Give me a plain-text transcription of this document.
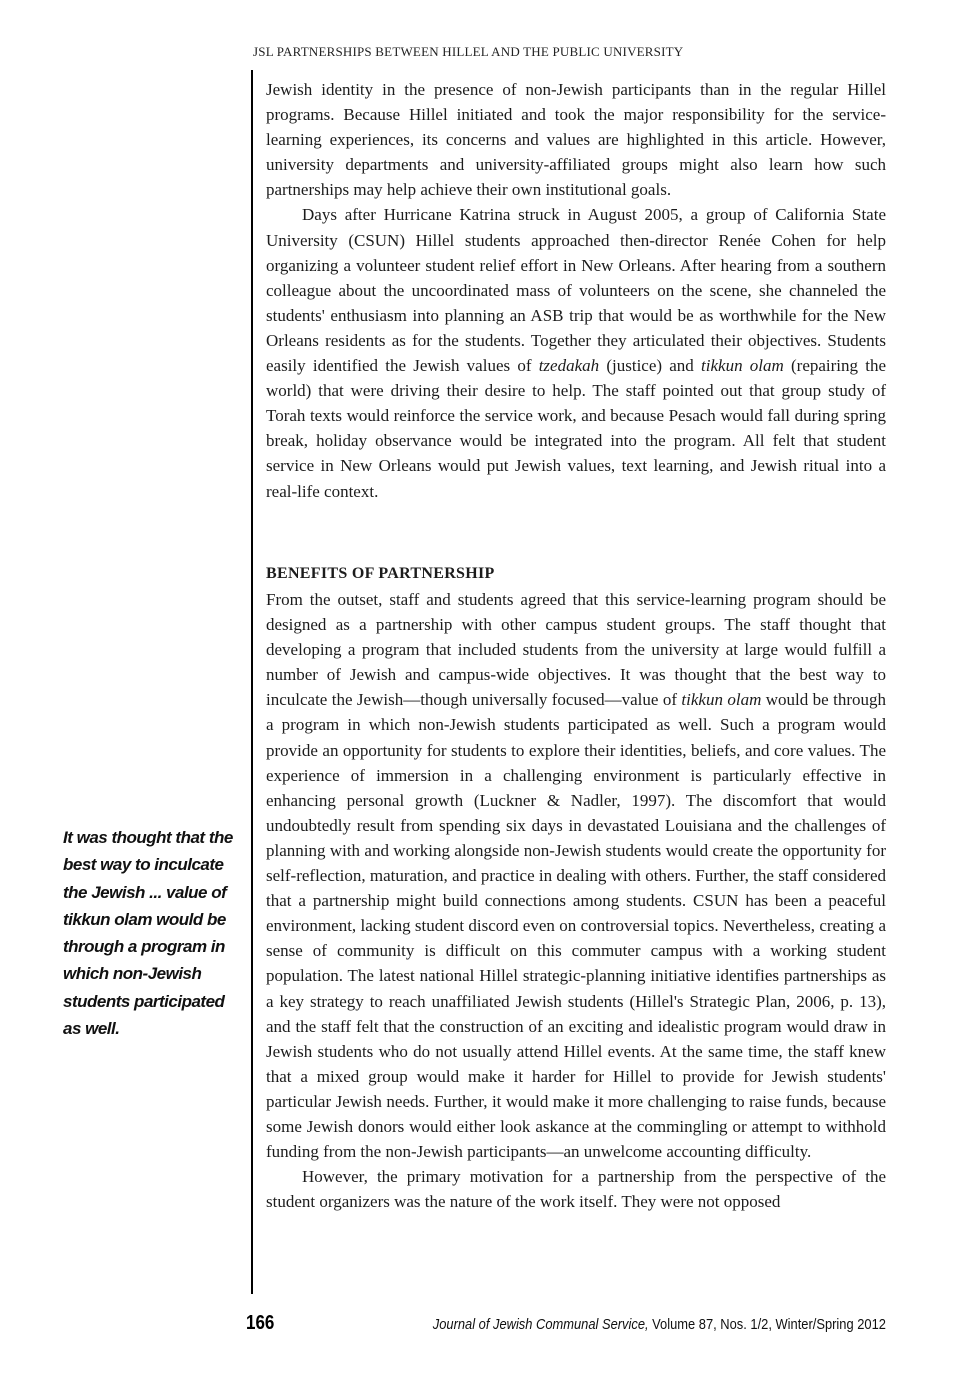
JSL PARTNERSHIPS BETWEEN HILLEL AND THE PUBLIC UNIVERSITY

Jewish identity in the presence of non-Jewish participants than in the regular Hillel programs. Because Hillel initiated and took the major responsibility for the service-learning experiences, its concerns and values are highlighted in this article. However, university departments and university-affiliated groups might also learn how such partnerships may help achieve their own institutional goals.

Days after Hurricane Katrina struck in August 2005, a group of California State University (CSUN) Hillel students approached then-director Renée Cohen for help organizing a volunteer student relief effort in New Orleans. After hearing from a southern colleague about the uncoordinated mass of volunteers on the scene, she channeled the students' enthusiasm into planning an ASB trip that would be as worthwhile for the New Orleans residents as for the students. Together they articulated their objectives. Students easily identified the Jewish values of tzedakah (justice) and tikkun olam (repairing the world) that were driving their desire to help. The staff pointed out that group study of Torah texts would reinforce the service work, and because Pesach would fall during spring break, holiday observance would be integrated into the program. All felt that student service in New Orleans would put Jewish values, text learning, and Jewish ritual into a real-life context.

BENEFITS OF PARTNERSHIP

From the outset, staff and students agreed that this service-learning program should be designed as a partnership with other campus student groups. The staff thought that developing a program that included students from the university at large would fulfill a number of Jewish and campus-wide objectives. It was thought that the best way to inculcate the Jewish—though universally focused—value of tikkun olam would be through a program in which non-Jewish students participated as well. Such a program would provide an opportunity for students to explore their identities, beliefs, and core values. The experience of immersion in a challenging environment is particularly effective in enhancing personal growth (Luckner & Nadler, 1997). The discomfort that would undoubtedly result from spending six days in devastated Louisiana and the challenges of planning with and working alongside non-Jewish students would create the opportunity for self-reflection, maturation, and practice in dealing with others. Further, the staff considered that a partnership might build connections among students. CSUN has been a peaceful environment, lacking student discord even on controversial topics. Nevertheless, creating a sense of community is difficult on this commuter campus with a working student population. The latest national Hillel strategic-planning initiative identifies partnerships as a key strategy to reach unaffiliated Jewish students (Hillel's Strategic Plan, 2006, p. 13), and the staff felt that the construction of an exciting and idealistic program would draw in Jewish students who do not usually attend Hillel events. At the same time, the staff knew that a mixed group would make it harder for Hillel to provide for Jewish students' particular Jewish needs. Further, it would make it more challenging to raise funds, because some Jewish donors would either look askance at the commingling or attempt to withhold funding from the non-Jewish participants—an unwelcome accounting difficulty.

However, the primary motivation for a partnership from the perspective of the student organizers was the nature of the work itself. They were not opposed

It was thought that the best way to inculcate the Jewish ... value of tikkun olam would be through a program in which non-Jewish students participated as well.
166	Journal of Jewish Communal Service, Volume 87, Nos. 1/2, Winter/Spring 2012
